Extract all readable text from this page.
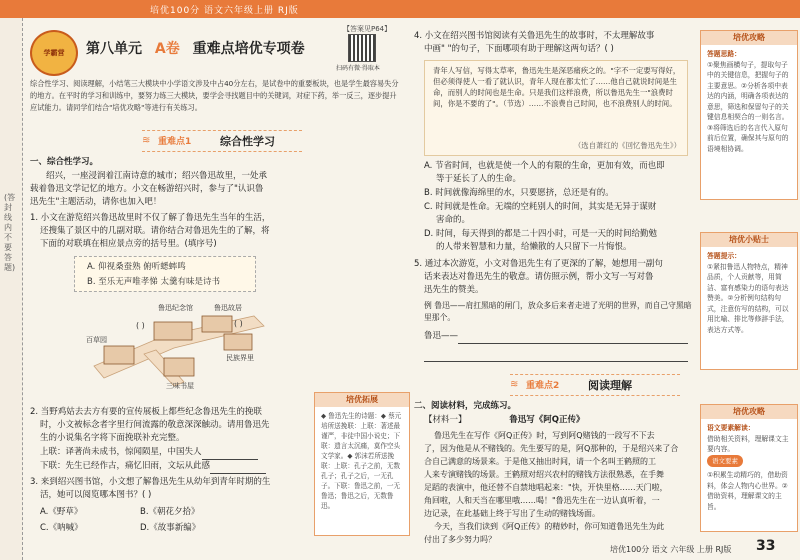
培优100分 语文六年级上册 RJ版
(答封线内不要答题)
学霸营	第八单元 A卷 重难点培优专项卷
【答案见P64】
扫码有微·得取本
综合性学习、阅读理解，小结笔三大模块中小学语文涉及中占40分左右，是试卷中的重要板块，也是学生最容易失分的地方。在平时的学习和训练中，要努力练三大模块，要学会寻找题目中的关键词，对症下药，举一反三，逐步提升应试能力。请同学们结合"培优攻略"等进行有关练习。
≋ 重难点1	综合性学习
一、综合性学习。
绍兴，一座浸润着江南诗意的城市；绍兴鲁迅故里，一处承
载着鲁迅文学记忆的地方。小文在畅游绍兴时，参与了"认识鲁
迅先生"主题活动，请你也加入吧！
1. 小文在游览绍兴鲁迅故里时不仅了解了鲁迅先生当年的生活，
还搜集了景区中的几副对联。请你结合对鲁迅先生的了解，将
下面的对联填在相应景点旁的括号里。(填序号)
A. 仰视桑蚕熟 俯听蟋蟀鸣
B. 至乐无声唯孝悌 太羹有味是诗书
鲁迅纪念馆	鲁迅故居
百草园
民族界里
三味书屋
( )	( )
2. 当野鸡姑去去方有要的宣传展板上都些纪念鲁迅先生的挽联
时，小文被标念者字里行间流露的敬意深深触动。请用鲁迅先
生的小说集名字将下面挽联补充完整。
上联：译著尚未成书，惊闻陨星，中国失人
下联：先生已经作古，痛忆旧雨，文坛从此感
3. 来到绍兴图书馆，小文想了解鲁迅先生从幼年到青年时期的生
活，她可以阅览哪本图书？( )
A.《野草》	B.《朝花夕拾》
C.《呐喊》	D.《故事新编》
培优拓展
◆ 鲁迅先生的诗题：◆ 蔡元培所送挽联：上联：著述最谨严，非徒中国小说史；下联：遗言太沉痛，莫作空头文学家。◆ 郭沫若所送挽联：上联：孔子之前，无数孔子；孔子之后，一无孔子。下联：鲁迅之前，一无鲁迅；鲁迅之后，无数鲁迅。
4. 小文在绍兴图书馆阅读有关鲁迅先生的故事时，不太理解故事
中画" "的句子，下面哪项有助于理解这两句话？( )
青年人写信，写得太草率，鲁迅先生是深恶痛疾之的。"字不一定要写得好，但必须得使人一看了就认识，青年人现在都太忙了……他自己就说时间是生命，而别人的时间也是生命。只是我们这样浪费，所以鲁迅先生一"浪费时间，你是不要的了"。（节选）……不浪费自己时间，也不浪费别人的时间。
（选自萧红的《回忆鲁迅先生》）
A. 节省时间，也就是使一个人的有限的生命，更加有效，而也即
等于延长了人的生命。
B. 时间就像海绵里的水，只要愿挤，总还是有的。
C. 时间就是性命。无端的空耗别人的时间，其实是无异于谋财
害命的。
D. 时间，每天得到的都是二十四小时，可是一天的时间给勤勉
的人带来智慧和力量，给懒散的人只留下一片悔恨。
5. 通过本次游览，小文对鲁迅先生有了更深的了解，她想用一副句
话来表达对鲁迅先生的敬意。请仿照示例，帮小文写一写对鲁
迅先生的赞美。
例 鲁迅——肩扛黑暗的闸门，放众多后来者走进了光明的世界，而自己守黑暗里那个。
鲁迅——

≋ 重难点2	阅读理解
二、阅读材料，完成练习。
【材料一】	鲁迅写《阿Q正传》
鲁迅先生在写作《阿Q正传》时，写到阿Q赌钱的一段写不下去
了，因为他是从不赌钱的。先生要写的是，阿Q那种的，于是绍兴来了合
合自己满意的场景来。于是他又抽出时间，请一个名叫王鹤照的工
人来专演赌钱的场景。王鹤照对绍兴农村的赌钱方法很熟悉，在手舞
足蹈的表演中，他还替不自禁地唱起来："快，开快里格……天门啦，
角回啦，人和天当在哪里哦……喝！"鲁迅先生在一边认真听着，一
边记录，在此基础上终于写出了生动的赌钱场面。
今天，当我们读到《阿Q正传》的精妙时，你可知道鲁迅先生为此
付出了多少努力吗？
培优攻略
答题思路：
①聚焦画横句子，提取句子中的关键信息，把握句子的主要意思。②分析各项中表达的内涵，明确各项表达的意思，筛选和保留句子的关键信息相契合的一则名言。③将筛选后的名言代入原句前后位置，确保其与原句的语境相协调。
培优小贴士
答题提示：
①紧扣鲁迅人物特点，精神品质，个人贡献等，用简洁、富有感染力的语句表达赞美。②分析例句结构句式，注意仿写的结构，可以用比喻、排比等修辞手法，表达方式等。
培优攻略
语文要素解读：
借助相关资料，理解课文主要内容。
语文要素
①积累生动精巧的，借助资料，体会人物内心世界。②借助资料，理解课文的主旨。
培优100分 语文 六年级 上册 RJ版	33
